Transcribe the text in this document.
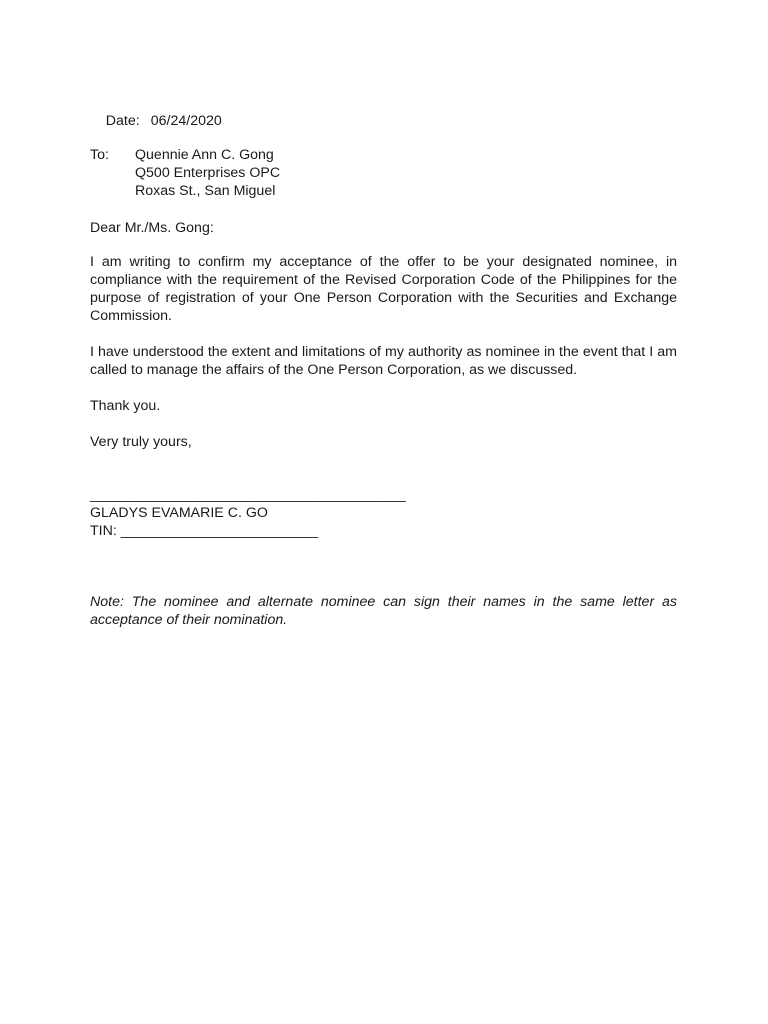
Date: 06/24/2020

To: Quennie Ann C. Gong
Q500 Enterprises OPC
Roxas St., San Miguel
Dear Mr./Ms. Gong:
I am writing to confirm my acceptance of the offer to be your designated nominee, in compliance with the requirement of the Revised Corporation Code of the Philippines for the purpose of registration of your One Person Corporation with the Securities and Exchange Commission.
I have understood the extent and limitations of my authority as nominee in the event that I am called to manage the affairs of the One Person Corporation, as we discussed.
Thank you.
Very truly yours,
________________________________________
GLADYS EVAMARIE C. GO
TIN: _________________________
Note: The nominee and alternate nominee can sign their names in the same letter as acceptance of their nomination.
